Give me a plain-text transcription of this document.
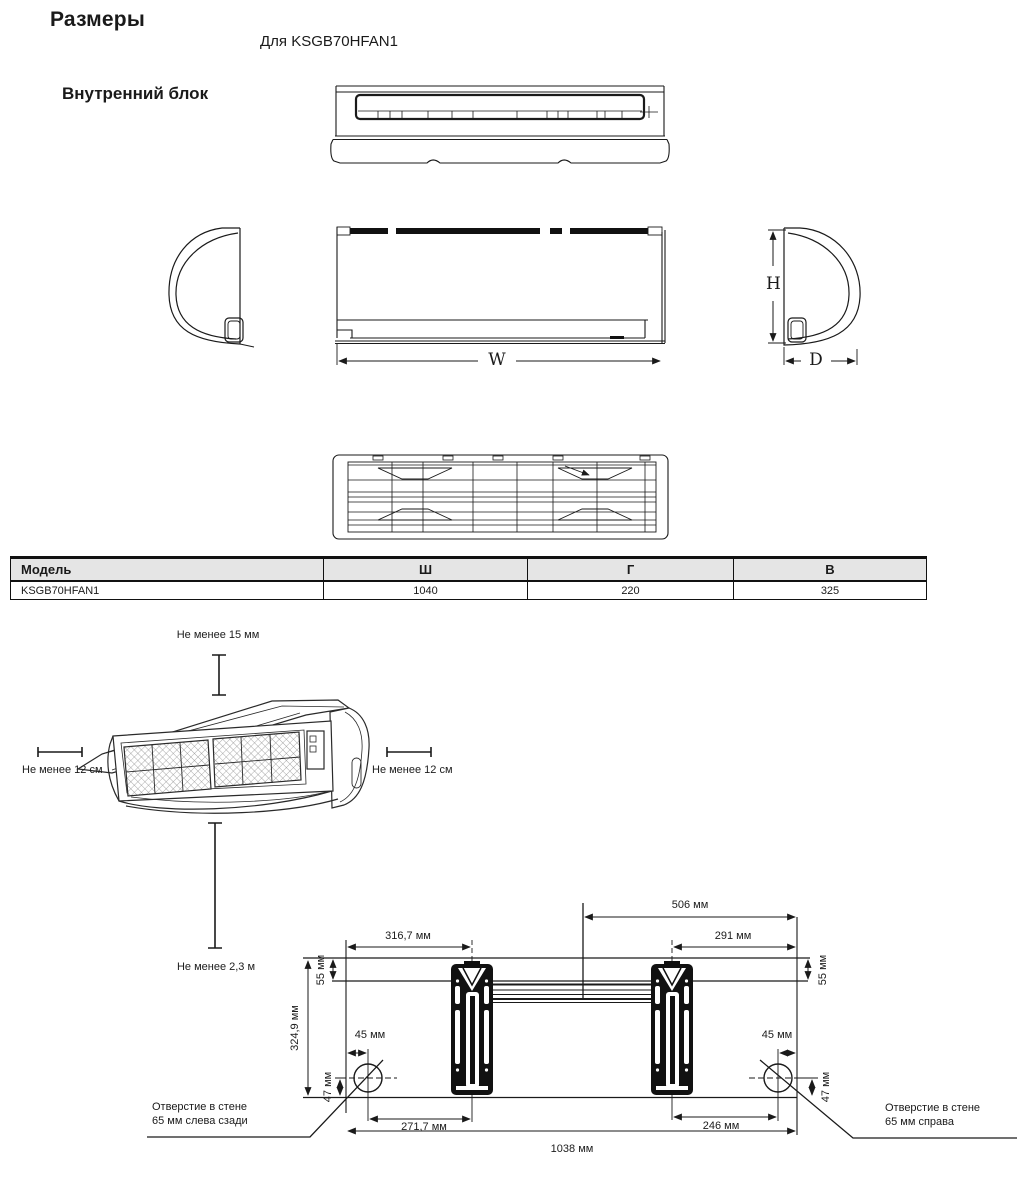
Размеры
Для KSGB70HFAN1
Внутренний блок
W
H
D
Модель	Ш	Г	В
KSGB70HFAN1	1040	220	325
Не менее 15 мм
Не менее 12 см	Не менее 12 см
Не менее 2,3 м
506 мм
316,7 мм	291 мм
55 мм	55 мм
324,9 мм	45 мм	45 мм
47 мм	47 мм
271,7 мм	246 мм
1038 мм
Отверстие в стене
65 мм слева сзади
Отверстие в стене
65 мм справа
